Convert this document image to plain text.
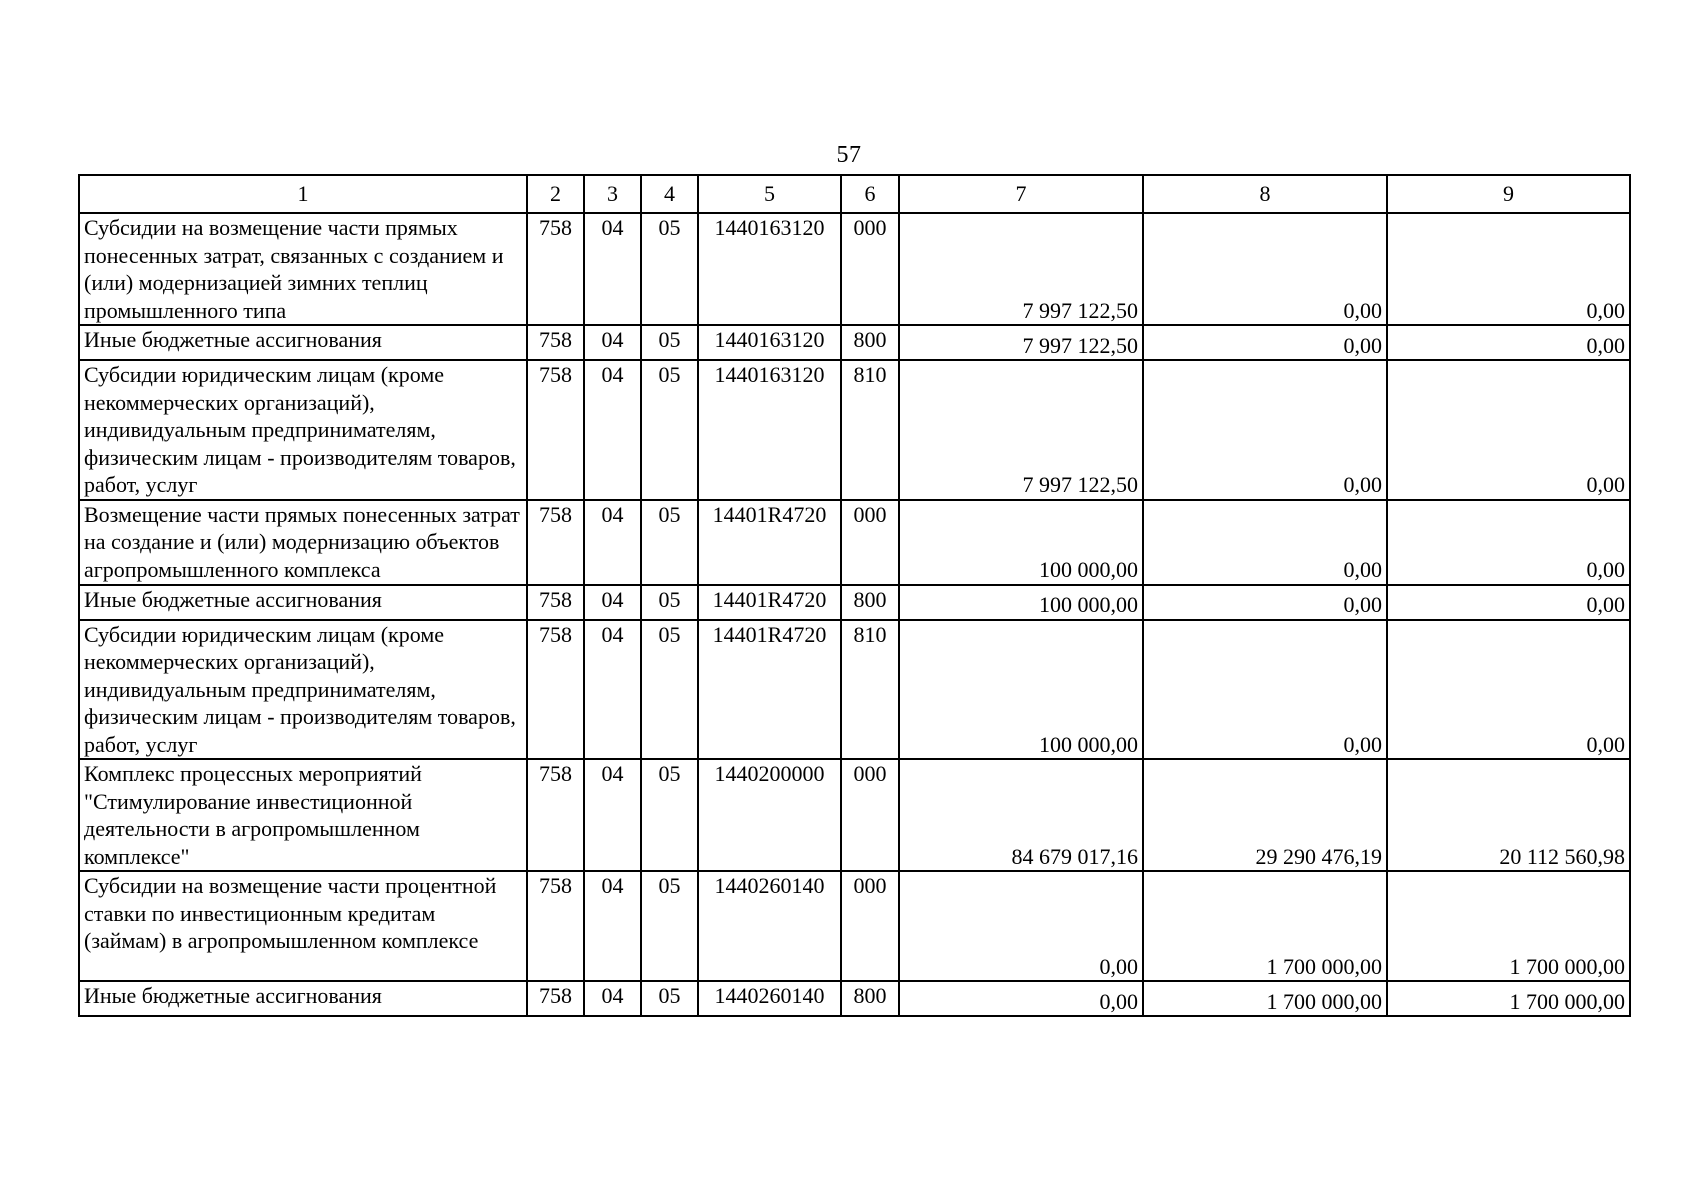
57
1	2	3	4	5	6	7	8	9
Субсидии на возмещение части прямых понесенных затрат, связанных с созданием и (или) модернизацией зимних теплиц промышленного типа	758	04	05	1440163120	000	7 997 122,50	0,00	0,00
Иные бюджетные ассигнования	758	04	05	1440163120	800	7 997 122,50	0,00	0,00
Субсидии юридическим лицам (кроме некоммерческих организаций), индивидуальным предпринимателям, физическим лицам - производителям товаров, работ, услуг	758	04	05	1440163120	810	7 997 122,50	0,00	0,00
Возмещение части прямых понесенных затрат на создание и (или) модернизацию объектов агропромышленного комплекса	758	04	05	14401R4720	000	100 000,00	0,00	0,00
Иные бюджетные ассигнования	758	04	05	14401R4720	800	100 000,00	0,00	0,00
Субсидии юридическим лицам (кроме некоммерческих организаций), индивидуальным предпринимателям, физическим лицам - производителям товаров, работ, услуг	758	04	05	14401R4720	810	100 000,00	0,00	0,00
Комплекс процессных мероприятий "Стимулирование инвестиционной деятельности в агропромышленном комплексе"	758	04	05	1440200000	000	84 679 017,16	29 290 476,19	20 112 560,98
Субсидии на возмещение части процентной ставки по инвестиционным кредитам (займам) в агропромышленном комплексе	758	04	05	1440260140	000	0,00	1 700 000,00	1 700 000,00
Иные бюджетные ассигнования	758	04	05	1440260140	800	0,00	1 700 000,00	1 700 000,00
